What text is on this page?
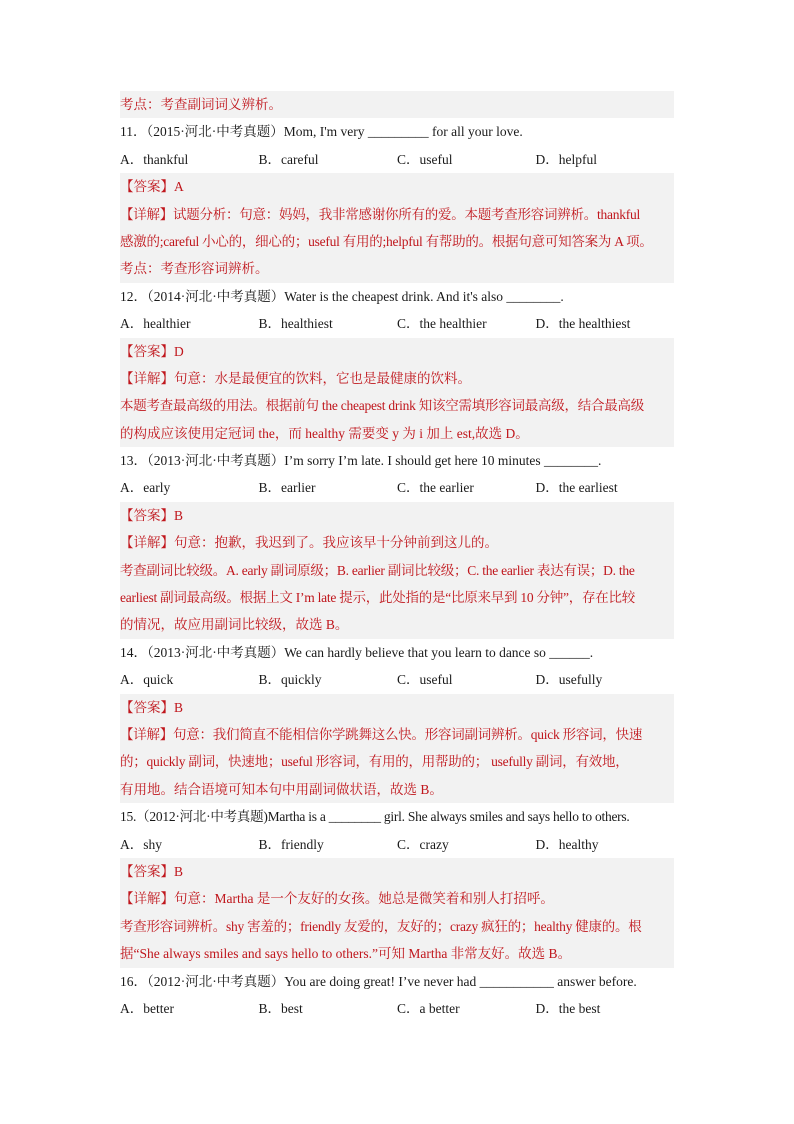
考点：考查副词词义辨析。
11．（2015·河北·中考真题）Mom, I'm very _________ for all your love.
A．thankful	B．careful	C．useful	D．helpful
【答案】A
【详解】试题分析：句意：妈妈，我非常感谢你所有的爱。本题考查形容词辨析。thankful
感激的;careful 小心的，细心的；useful 有用的;helpful 有帮助的。根据句意可知答案为 A 项。
考点：考查形容词辨析。
12．（2014·河北·中考真题）Water is the cheapest drink. And it's also ________.
A．healthier	B．healthiest	C．the healthier	D．the healthiest
【答案】D
【详解】句意：水是最便宜的饮料，它也是最健康的饮料。
本题考查最高级的用法。根据前句 the cheapest drink 知该空需填形容词最高级，结合最高级
的构成应该使用定冠词 the，而 healthy 需要变 y 为 i 加上 est,故选 D。
13．（2013·河北·中考真题）I’m sorry I’m late. I should get here 10 minutes ________.
A．early	B．earlier	C．the earlier	D．the earliest
【答案】B
【详解】句意：抱歉，我迟到了。我应该早十分钟前到这儿的。
考查副词比较级。A. early 副词原级；B. earlier 副词比较级；C. the earlier 表达有误；D. the
earliest 副词最高级。根据上文 I’m late 提示，此处指的是“比原来早到 10 分钟”，存在比较
的情况，故应用副词比较级，故选 B。
14．（2013·河北·中考真题）We can hardly believe that you learn to dance so ______.
A．quick	B．quickly	C．useful	D．usefully
【答案】B
【详解】句意：我们简直不能相信你学跳舞这么快。形容词副词辨析。quick 形容词，快速
的；quickly 副词，快速地；useful 形容词，有用的，用帮助的； usefully 副词，有效地，
有用地。结合语境可知本句中用副词做状语，故选 B。
15.（2012·河北·中考真题)Martha is a ________ girl. She always smiles and says hello to others.
A．shy	B．friendly	C．crazy	D．healthy
【答案】B
【详解】句意：Martha 是一个友好的女孩。她总是微笑着和别人打招呼。
考查形容词辨析。shy 害羞的；friendly 友爱的，友好的；crazy 疯狂的；healthy 健康的。根
据“She always smiles and says hello to others.”可知 Martha 非常友好。故选 B。
16．（2012·河北·中考真题）You are doing great! I’ve never had ___________ answer before.
A．better	B．best	C．a better	D．the best
